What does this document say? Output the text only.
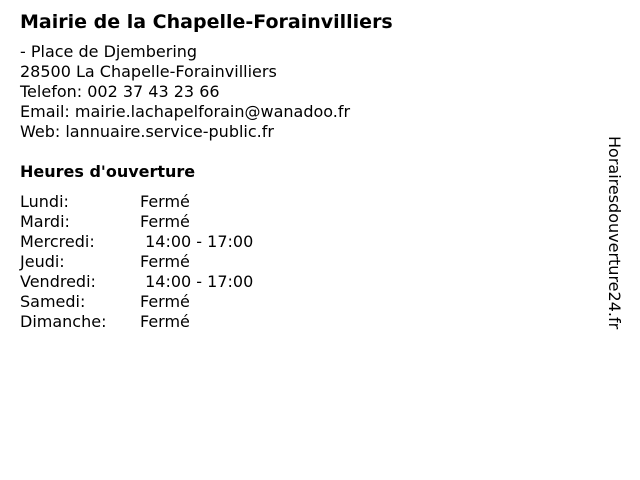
Mairie de la Chapelle-Forainvilliers
- Place de Djembering
28500 La Chapelle-Forainvilliers
Telefon: 002 37 43 23 66
Email: mairie.lachapelforain@wanadoo.fr
Web: lannuaire.service-public.fr
Heures d'ouverture
Lundi:	Fermé
Mardi:	Fermé
Mercredi:	14:00 - 17:00
Jeudi:	Fermé
Vendredi:	14:00 - 17:00
Samedi:	Fermé
Dimanche:	Fermé	Horairesdouverture24.fr
